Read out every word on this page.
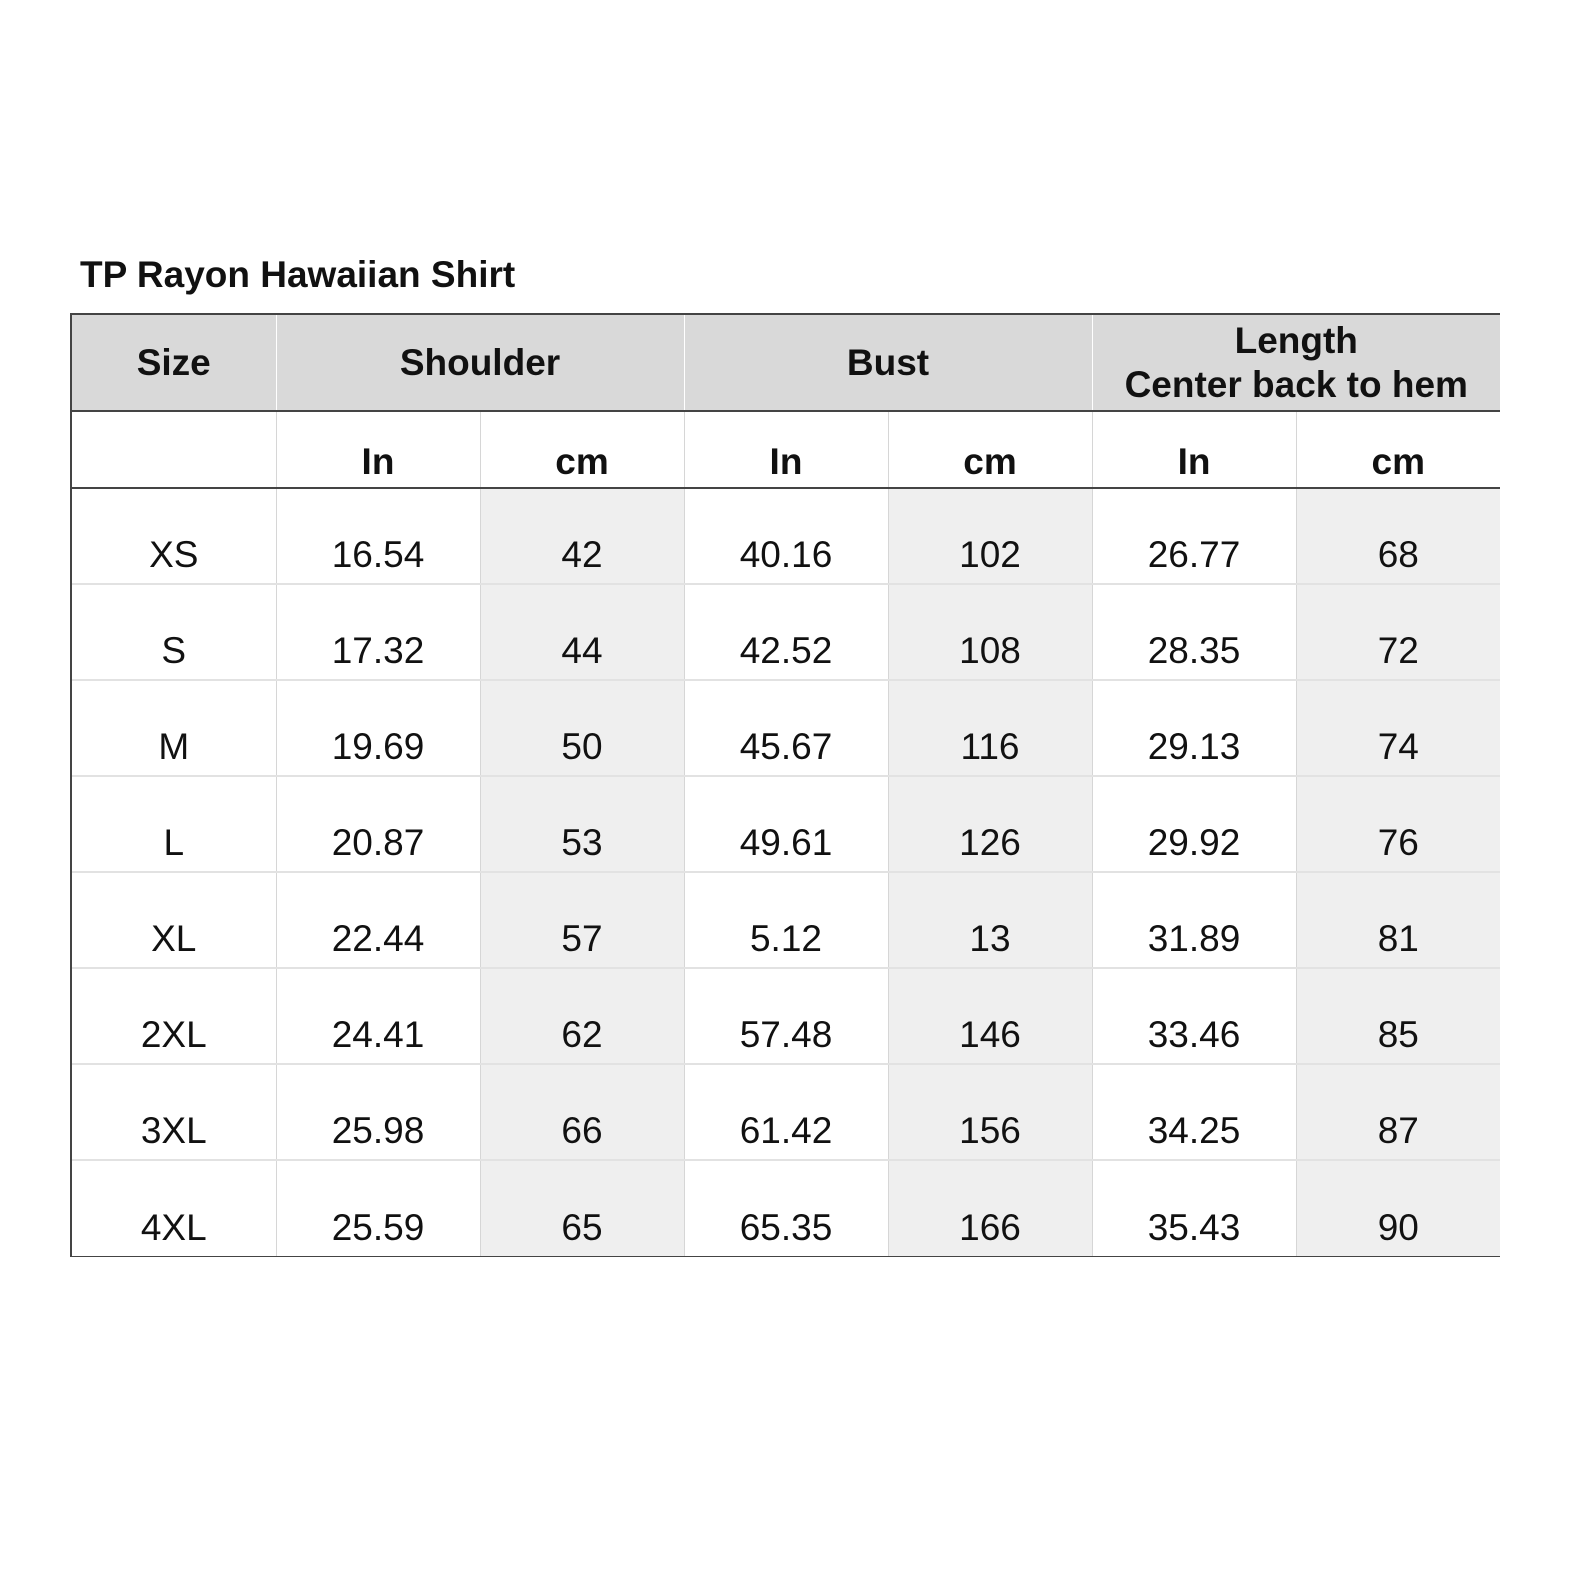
TP Rayon Hawaiian Shirt
Size	Shoulder		Bust		Length
Center back to hem	

	In	cm	In	cm	In	cm
XS	16.54	42	40.16	102	26.77	68
S	17.32	44	42.52	108	28.35	72
M	19.69	50	45.67	116	29.13	74
L	20.87	53	49.61	126	29.92	76
XL	22.44	57	5.12	13	31.89	81
2XL	24.41	62	57.48	146	33.46	85
3XL	25.98	66	61.42	156	34.25	87
4XL	25.59	65	65.35	166	35.43	90
